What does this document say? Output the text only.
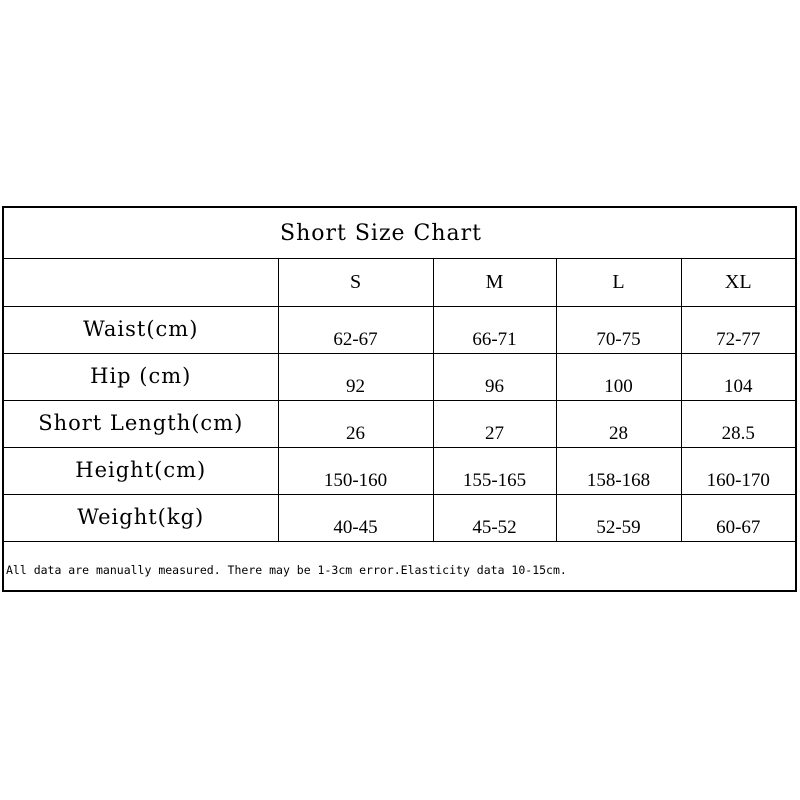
Short Size Chart

	S	M	L	XL

Waist(cm)	62-67	66-71	70-75	72-77

Hip (cm)	92	96	100	104

Short Length(cm)	26	27	28	28.5

Height(cm)	150-160	155-165	158-168	160-170

Weight(kg)	40-45	45-52	52-59	60-67
All data are manually measured. There may be 1-3cm error.Elasticity data 10-15cm.
